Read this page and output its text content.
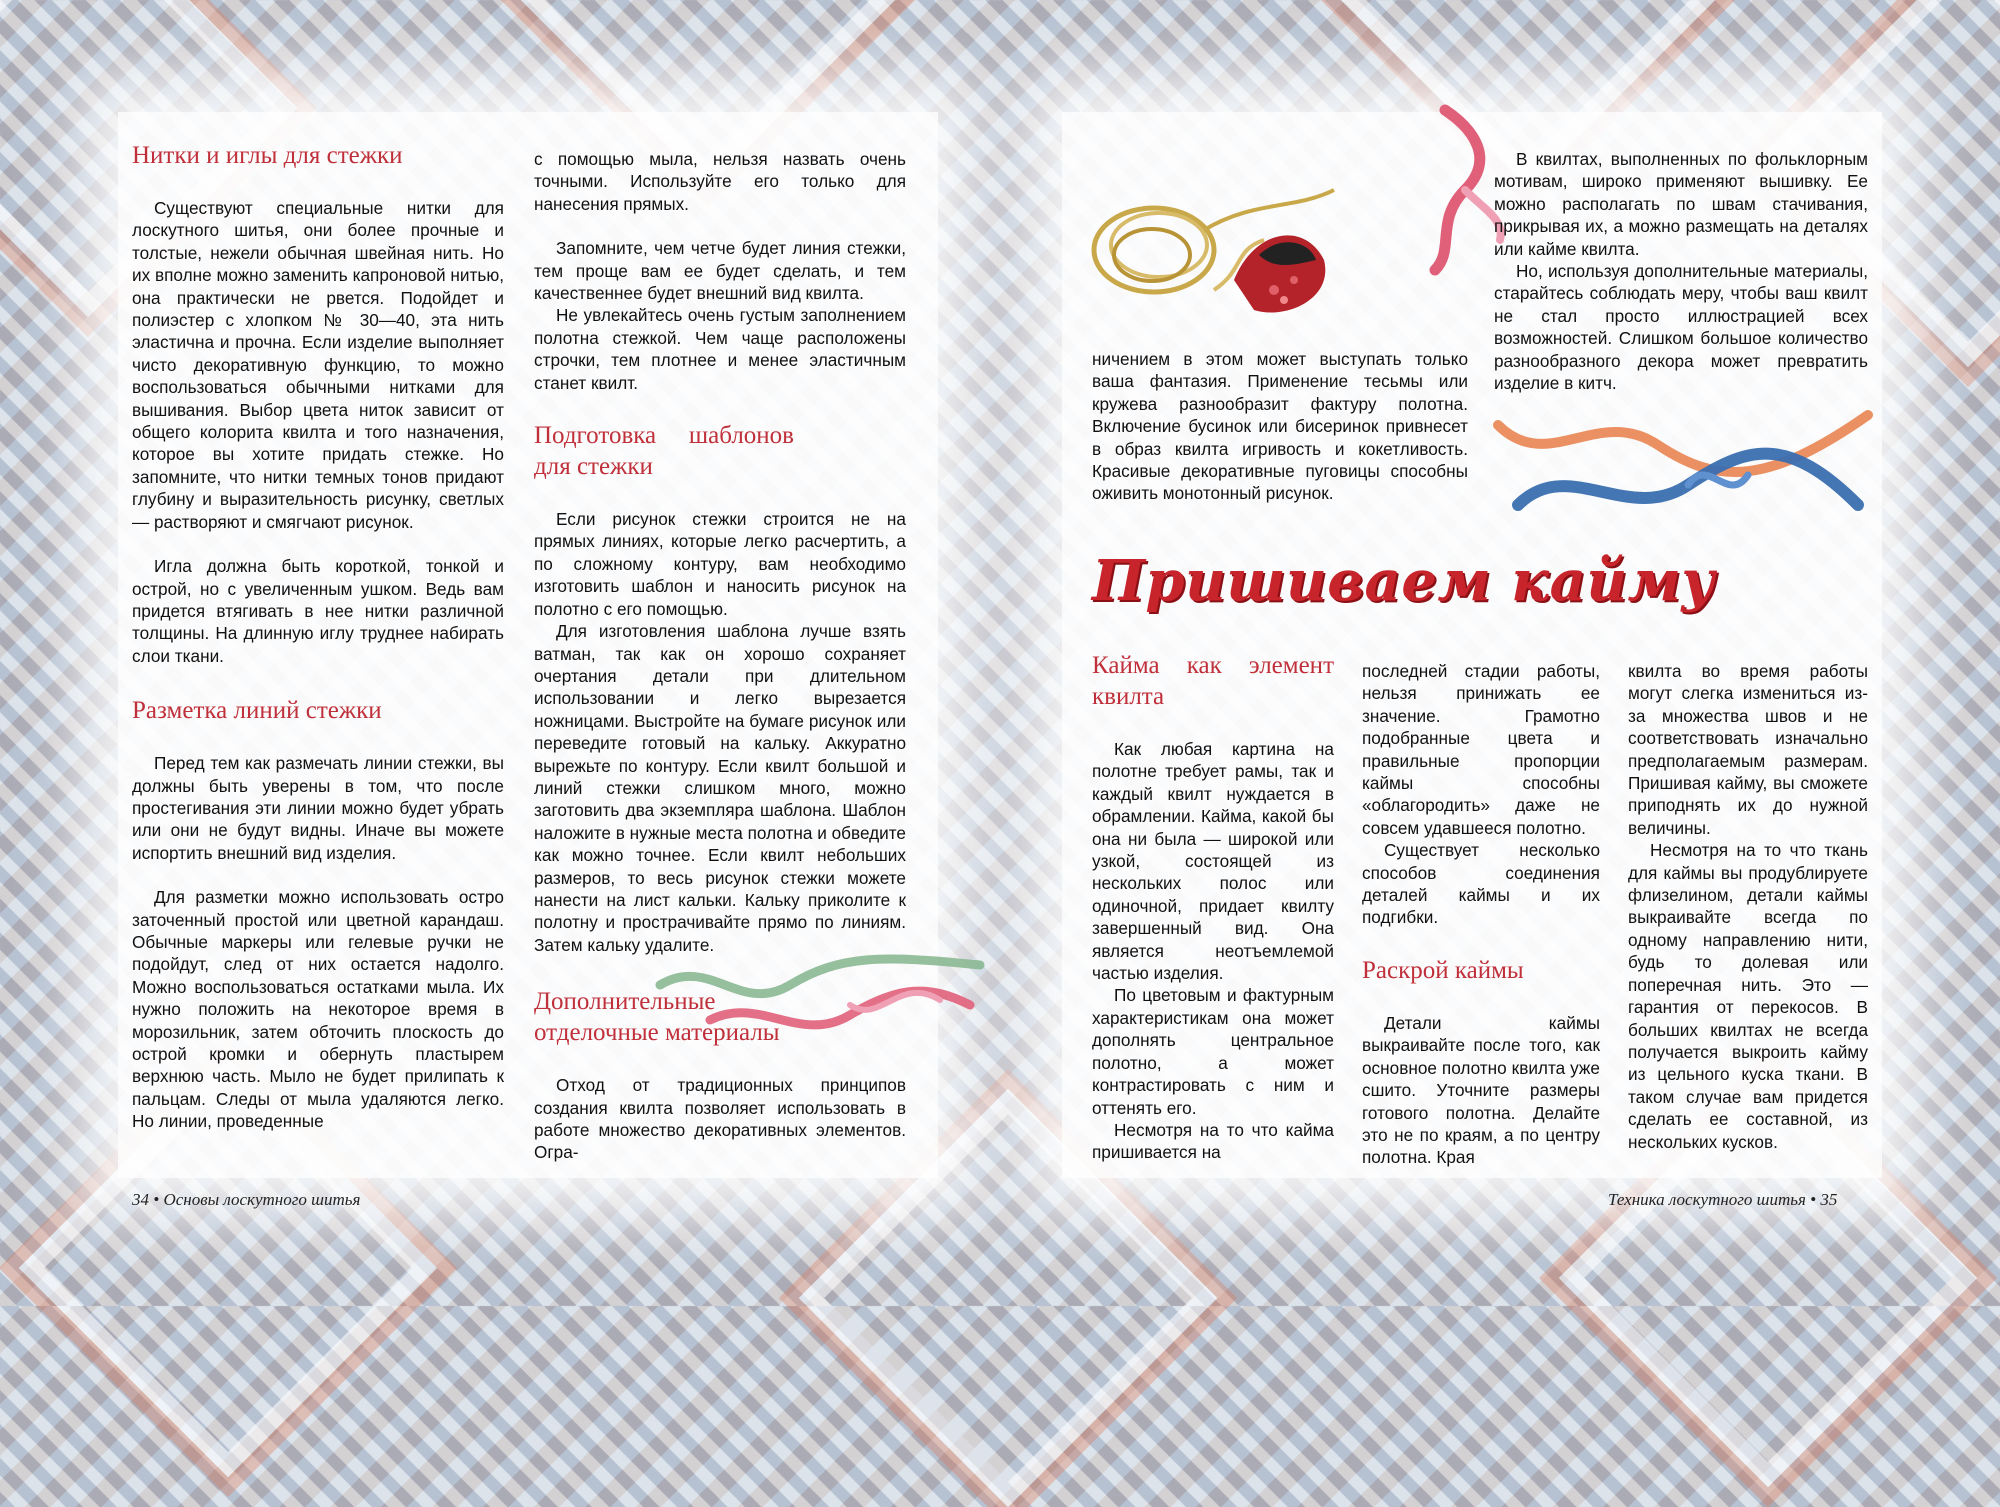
Нитки и иглы для стежки

Существуют специальные нитки для лоскутного шитья, они более прочные и толстые, нежели обычная швейная нить. Но их вполне можно заменить капроновой нитью, она практически не рвется. Подойдет и полиэстер с хлопком № 30—40, эта нить эластична и прочна. Если изделие выполняет чисто декоративную функцию, то можно воспользоваться обычными нитками для вышивания. Выбор цвета ниток зависит от общего колорита квилта и того назначения, которое вы хотите придать стежке. Но запомните, что нитки темных тонов придают глубину и выразительность рисунку, светлых — растворяют и смягчают рисунок.

Игла должна быть короткой, тонкой и острой, но с увеличенным ушком. Ведь вам придется втягивать в нее нитки различной толщины. На длинную иглу труднее набирать слои ткани.

Разметка линий стежки

Перед тем как размечать линии стежки, вы должны быть уверены в том, что после простегивания эти линии можно будет убрать или они не будут видны. Иначе вы можете испортить внешний вид изделия.

Для разметки можно использовать остро заточенный простой или цветной карандаш. Обычные маркеры или гелевые ручки не подойдут, след от них остается надолго. Можно воспользоваться остатками мыла. Их нужно положить на некоторое время в морозильник, затем обточить плоскость до острой кромки и обернуть пластырем верхнюю часть. Мыло не будет прилипать к пальцам. Следы от мыла удаляются легко. Но линии, проведенные

с помощью мыла, нельзя назвать очень точными. Используйте его только для нанесения прямых.

Запомните, чем четче будет линия стежки, тем проще вам ее будет сделать, и тем качественнее будет внешний вид квилта.

Не увлекайтесь очень густым заполнением полотна стежкой. Чем чаще расположены строчки, тем плотнее и менее эластичным станет квилт.

Подготовка шаблонов для стежки

Если рисунок стежки строится не на прямых линиях, которые легко расчертить, а по сложному контуру, вам необходимо изготовить шаблон и наносить рисунок на полотно с его помощью.

Для изготовления шаблона лучше взять ватман, так как он хорошо сохраняет очертания детали при длительном использовании и легко вырезается ножницами. Выстройте на бумаге рисунок или переведите готовый на кальку. Аккуратно вырежьте по контуру. Если квилт большой и линий стежки слишком много, можно заготовить два экземпляра шаблона. Шаблон наложите в нужные места полотна и обведите как можно точнее. Если квилт небольших размеров, то весь рисунок стежки можете нанести на лист кальки. Кальку приколите к полотну и прострачивайте прямо по линиям. Затем кальку удалите.

Дополнительные отделочные материалы

Отход от традиционных принципов создания квилта позволяет использовать в работе множество декоративных элементов. Огра-

ничением в этом может выступать только ваша фантазия. Применение тесьмы или кружева разнообразит фактуру полотна. Включение бусинок или бисеринок привнесет в образ квилта игривость и кокетливость. Красивые декоративные пуговицы способны оживить монотонный рисунок.

В квилтах, выполненных по фольклорным мотивам, широко применяют вышивку. Ее можно располагать по швам стачивания, прикрывая их, а можно размещать на деталях или кайме квилта.

Но, используя дополнительные материалы, старайтесь соблюдать меру, чтобы ваш квилт не стал просто иллюстрацией всех возможностей. Слишком большое количество разнообразного декора может превратить изделие в китч.

Пришиваем кайму
Кайма как элемент квилта

Как любая картина на полотне требует рамы, так и каждый квилт нуждается в обрамлении. Кайма, какой бы она ни была — широкой или узкой, состоящей из нескольких полос или одиночной, придает квилту завершенный вид. Она является неотъемлемой частью изделия.

По цветовым и фактурным характеристикам она может дополнять центральное полотно, а может контрастировать с ним и оттенять его.

Несмотря на то что кайма пришивается на

последней стадии работы, нельзя принижать ее значение. Грамотно подобранные цвета и правильные пропорции каймы способны «облагородить» даже не совсем удавшееся полотно.

Существует несколько способов соединения деталей каймы и их подгибки.

Раскрой каймы

Детали каймы выкраивайте после того, как основное полотно квилта уже сшито. Уточните размеры готового полотна. Делайте это не по краям, а по центру полотна. Края

квилта во время работы могут слегка измениться из-за множества швов и не соответствовать изначально предполагаемым размерам. Пришивая кайму, вы сможете приподнять их до нужной величины.

Несмотря на то что ткань для каймы вы продублируете флизелином, детали каймы выкраивайте всегда по одному направлению нити, будь то долевая или поперечная нить. Это — гарантия от перекосов. В больших квилтах не всегда получается выкроить кайму из цельного куска ткани. В таком случае вам придется сделать ее составной, из нескольких кусков.

34 • Основы лоскутного шитья	Техника лоскутного шитья • 35
